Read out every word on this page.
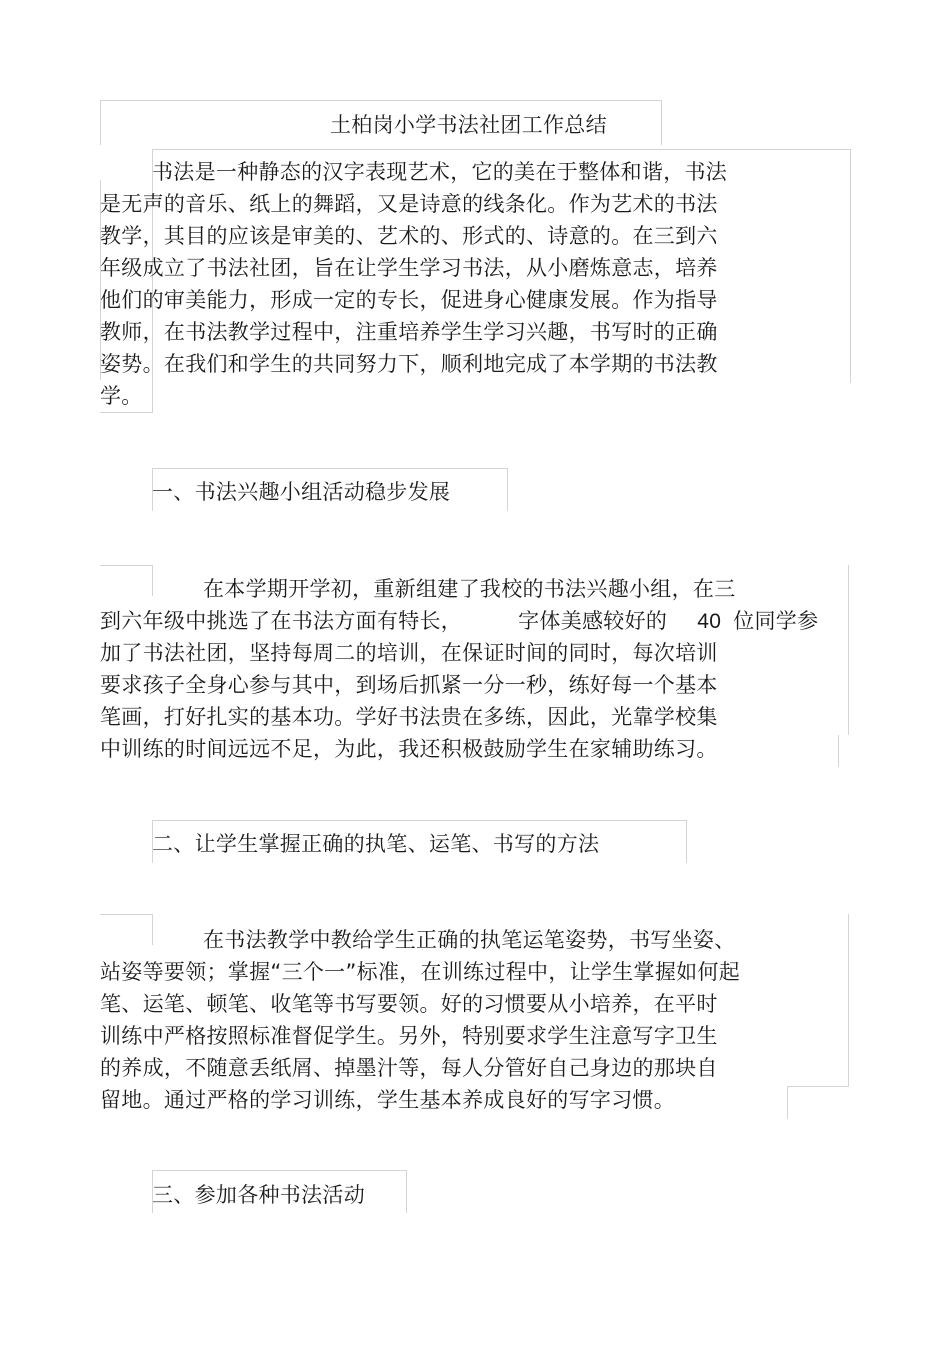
土柏岗小学书法社团工作总结
书法是一种静态的汉字表现艺术，它的美在于整体和谐，书法
是无声的音乐、纸上的舞蹈，又是诗意的线条化。作为艺术的书法
教学，其目的应该是审美的、艺术的、形式的、诗意的。在三到六
年级成立了书法社团，旨在让学生学习书法，从小磨炼意志，培养
他们的审美能力，形成一定的专长，促进身心健康发展。作为指导
教师，在书法教学过程中，注重培养学生学习兴趣，书写时的正确
姿势。在我们和学生的共同努力下，顺利地完成了本学期的书法教
学。
一、书法兴趣小组活动稳步发展
在本学期开学初，重新组建了我校的书法兴趣小组，在三
到六年级中挑选了在书法方面有特长，	字体美感较好的 40 位同学参
加了书法社团，坚持每周二的培训，在保证时间的同时，每次培训
要求孩子全身心参与其中，到场后抓紧一分一秒，练好每一个基本
笔画，打好扎实的基本功。学好书法贵在多练，因此，光靠学校集
中训练的时间远远不足，为此，我还积极鼓励学生在家辅助练习。
二、让学生掌握正确的执笔、运笔、书写的方法
在书法教学中教给学生正确的执笔运笔姿势，书写坐姿、
站姿等要领；掌握“三个一”标准，在训练过程中，让学生掌握如何起
笔、运笔、顿笔、收笔等书写要领。好的习惯要从小培养，在平时
训练中严格按照标准督促学生。另外，特别要求学生注意写字卫生
的养成，不随意丢纸屑、掉墨汁等，每人分管好自己身边的那块自
留地。通过严格的学习训练，学生基本养成良好的写字习惯。
三、参加各种书法活动
